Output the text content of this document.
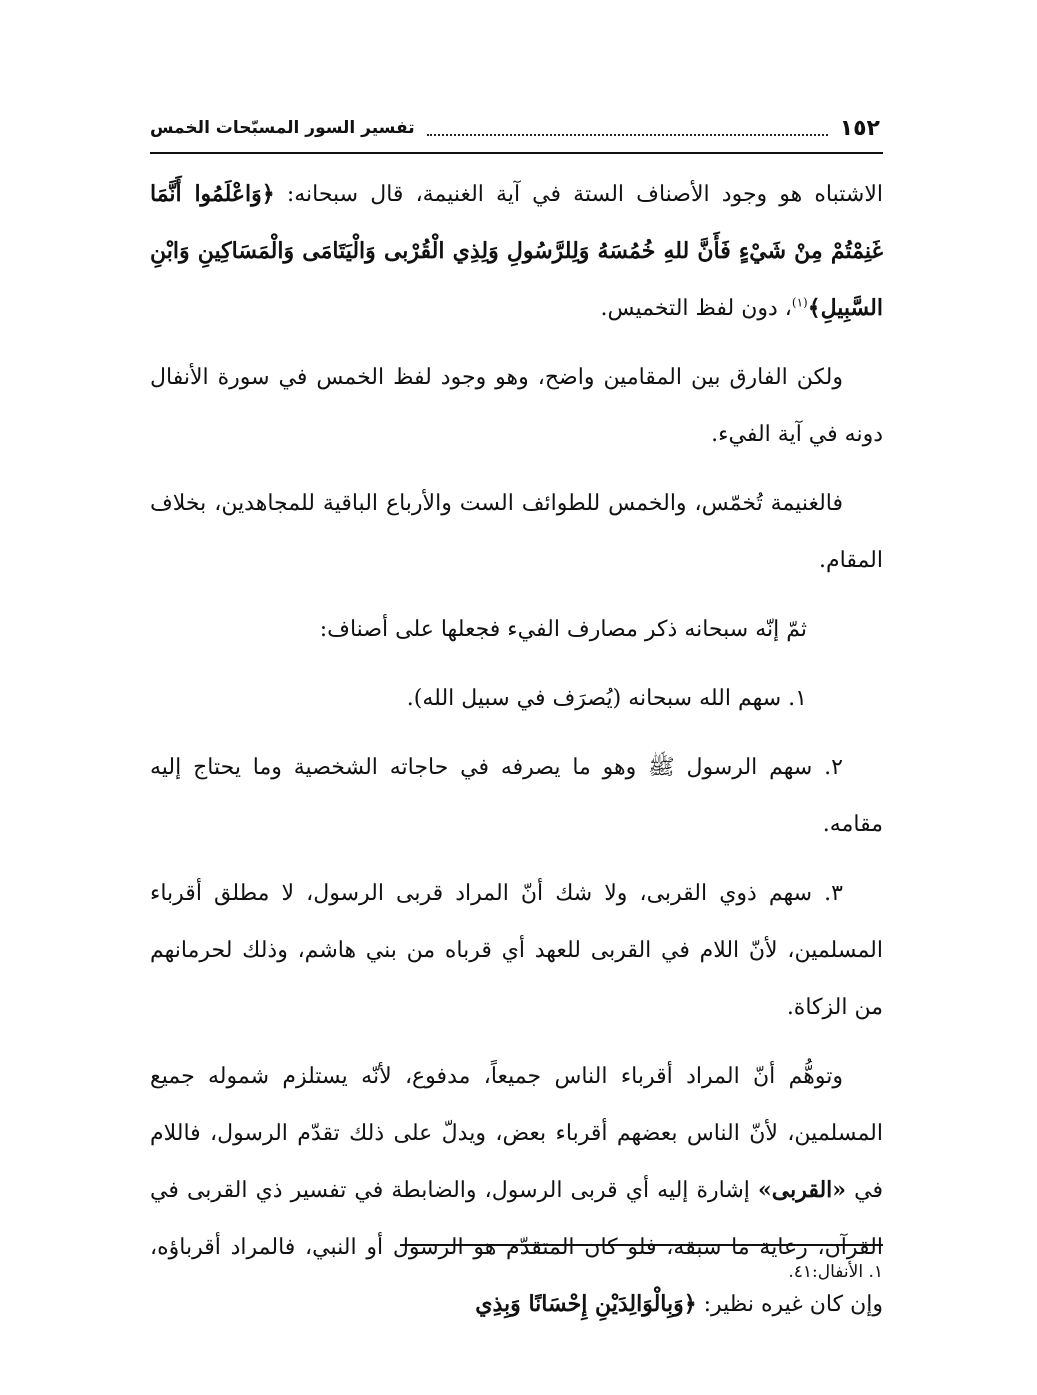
١٥٢
تفسير السور المسبّحات الخمس

الاشتباه هو وجود الأصناف الستة في آية الغنيمة، قال سبحانه: ﴿وَاعْلَمُوا أَنَّمَا غَنِمْتُمْ مِنْ شَيْءٍ فَأَنَّ للهِ خُمُسَهُ وَلِلرَّسُولِ وَلِذِي الْقُرْبى وَالْيَتَامَى وَالْمَسَاكِينِ وَابْنِ السَّبِيلِ﴾$^{(١)}$، دون لفظ التخميس.

ولكن الفارق بين المقامين واضح، وهو وجود لفظ الخمس في سورة الأنفال دونه في آية الفيء.

فالغنيمة تُخمّس، والخمس للطوائف الست والأرباع الباقية للمجاهدين، بخلاف المقام.

ثمّ إنّه سبحانه ذكر مصارف الفيء فجعلها على أصناف:

١. سهم الله سبحانه (يُصرَف في سبيل الله).

٢. سهم الرسول ﷺ وهو ما يصرفه في حاجاته الشخصية وما يحتاج إليه مقامه.

٣. سهم ذوي القربى، ولا شك أنّ المراد قربى الرسول، لا مطلق أقرباء المسلمين، لأنّ اللام في القربى للعهد أي قرباه من بني هاشم، وذلك لحرمانهم من الزكاة.

وتوهُّم أنّ المراد أقرباء الناس جميعاً، مدفوع، لأنّه يستلزم شموله جميع المسلمين، لأنّ الناس بعضهم أقرباء بعض، ويدلّ على ذلك تقدّم الرسول، فاللام في «القربى» إشارة إليه أي قربى الرسول، والضابطة في تفسير ذي القربى في القرآن، رعاية ما سبقه، فلو كان المتقدّم هو الرسول أو النبي، فالمراد أقرباؤه، وإن كان غيره نظير: ﴿وَبِالْوَالِدَيْنِ إِحْسَانًا وَبِذِي

١. الأنفال:٤١.
